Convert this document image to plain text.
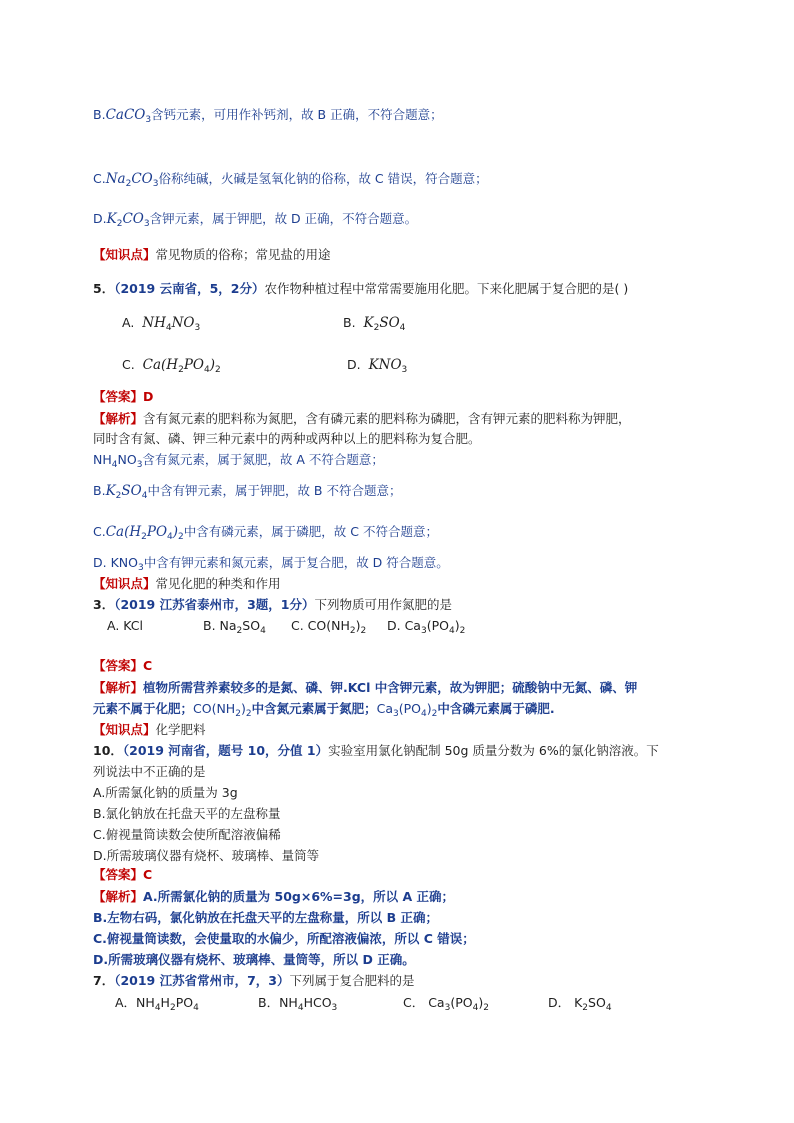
B.CaCO$_3$含钙元素，可用作补钙剂，故 B 正确，不符合题意；
$C.Na_2CO_3$俗称纯碱，火碱是氢氧化钠的俗称，故 C 错误，符合题意；
$D.K_2CO_3$含钾元素，属于钾肥，故 D 正确，不符合题意。
【知识点】常见物质的俗称；常见盐的用途
5．（2019 云南省，5，2分）农作物种植过程中常常需要施用化肥。下来化肥属于复合肥的是( )
A. $NH_4NO_3$	B. $K_2SO_4$
C. $Ca(H_2PO_4)_2$	D. $KNO_3$
【答案】D
【解析】含有氮元素的肥料称为氮肥，含有磷元素的肥料称为磷肥，含有钾元素的肥料称为钾肥，
同时含有氮、磷、钾三种元素中的两种或两种以上的肥料称为复合肥。
$NH_4NO_3$含有氮元素，属于氮肥，故 A 不符合题意；
$B.K_2SO_4$中含有钾元素，属于钾肥，故 B 不符合题意；
$C.Ca(H_2PO_4)_2$中含有磷元素，属于磷肥，故 C 不符合题意；
D. $KNO_3$中含有钾元素和氮元素，属于复合肥，故 D 符合题意。
【知识点】常见化肥的种类和作用
3．（2019 江苏省泰州市，3题，1分）下列物质可用作氮肥的是
A. KCl	B. $Na_2SO_4$ C. $CO(NH_2)_2$ D. $Ca_3(PO_4)_2$
【答案】C
【解析】植物所需营养素较多的是氮、磷、钾.KCl 中含钾元素，故为钾肥；硫酸钠中无氮、磷、钾
元素不属于化肥；$CO(NH_2)_2$中含氮元素属于氮肥；$Ca_3(PO_4)_2$中含磷元素属于磷肥.
【知识点】化学肥料
10．（2019 河南省，题号 10，分值 1）实验室用氯化钠配制 50g 质量分数为 6%的氯化钠溶液。下
列说法中不正确的是
A.所需氯化钠的质量为 3g
B.氯化钠放在托盘天平的左盘称量
C.俯视量筒读数会使所配溶液偏稀
D.所需玻璃仪器有烧杯、玻璃棒、量筒等
【答案】C
【解析】A.所需氯化钠的质量为 50g×6%=3g，所以 A 正确；
B.左物右码，氯化钠放在托盘天平的左盘称量，所以 B 正确；
C.俯视量筒读数，会使量取的水偏少，所配溶液偏浓，所以 C 错误；
D.所需玻璃仪器有烧杯、玻璃棒、量筒等，所以 D 正确。
7．（2019 江苏省常州市，7，3）下列属于复合肥料的是
A．$NH_4H_2PO_4$	B．$NH_4HCO_3$	C． $Ca_3(PO_4)_2$	D． $K_2SO_4$
